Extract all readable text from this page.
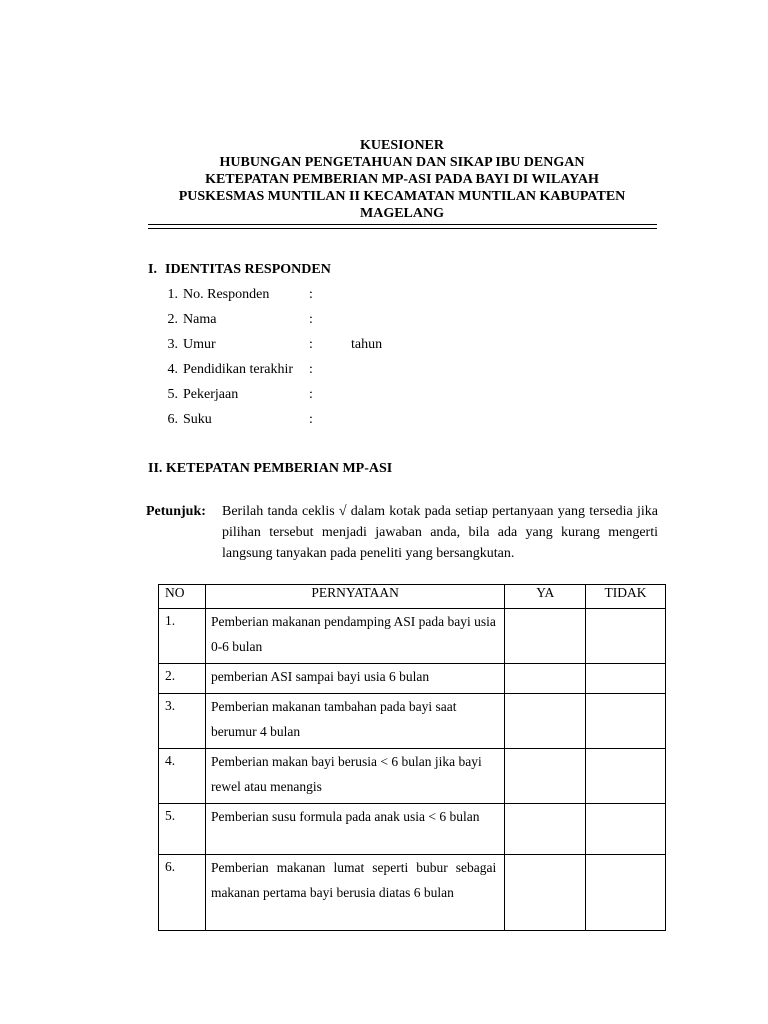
KUESIONER
HUBUNGAN PENGETAHUAN DAN SIKAP IBU DENGAN
KETEPATAN PEMBERIAN MP-ASI PADA BAYI DI WILAYAH
PUSKESMAS MUNTILAN II KECAMATAN MUNTILAN KABUPATEN
MAGELANG
I. IDENTITAS RESPONDEN
1. No. Responden	:
2. Nama	:
3. Umur	:	tahun
4. Pendidikan terakhir :
5. Pekerjaan	:
6. Suku	:
II. KETEPATAN PEMBERIAN MP-ASI
Petunjuk: Berilah tanda ceklis √ dalam kotak pada setiap pertanyaan yang tersedia jika pilihan tersebut menjadi jawaban anda, bila ada yang kurang mengerti langsung tanyakan pada peneliti yang bersangkutan.
NO	PERNYATAAN	YA	TIDAK
1.	Pemberian makanan pendamping ASI pada bayi usia 0-6 bulan		

2.	pemberian ASI sampai bayi usia 6 bulan		

3.	Pemberian makanan tambahan pada bayi saat berumur 4 bulan		

4.	Pemberian makan bayi berusia < 6 bulan jika bayi rewel atau menangis		

5.	Pemberian susu formula pada anak usia < 6 bulan		

6.	Pemberian makanan lumat seperti bubur sebagai makanan pertama bayi berusia diatas 6 bulan		
